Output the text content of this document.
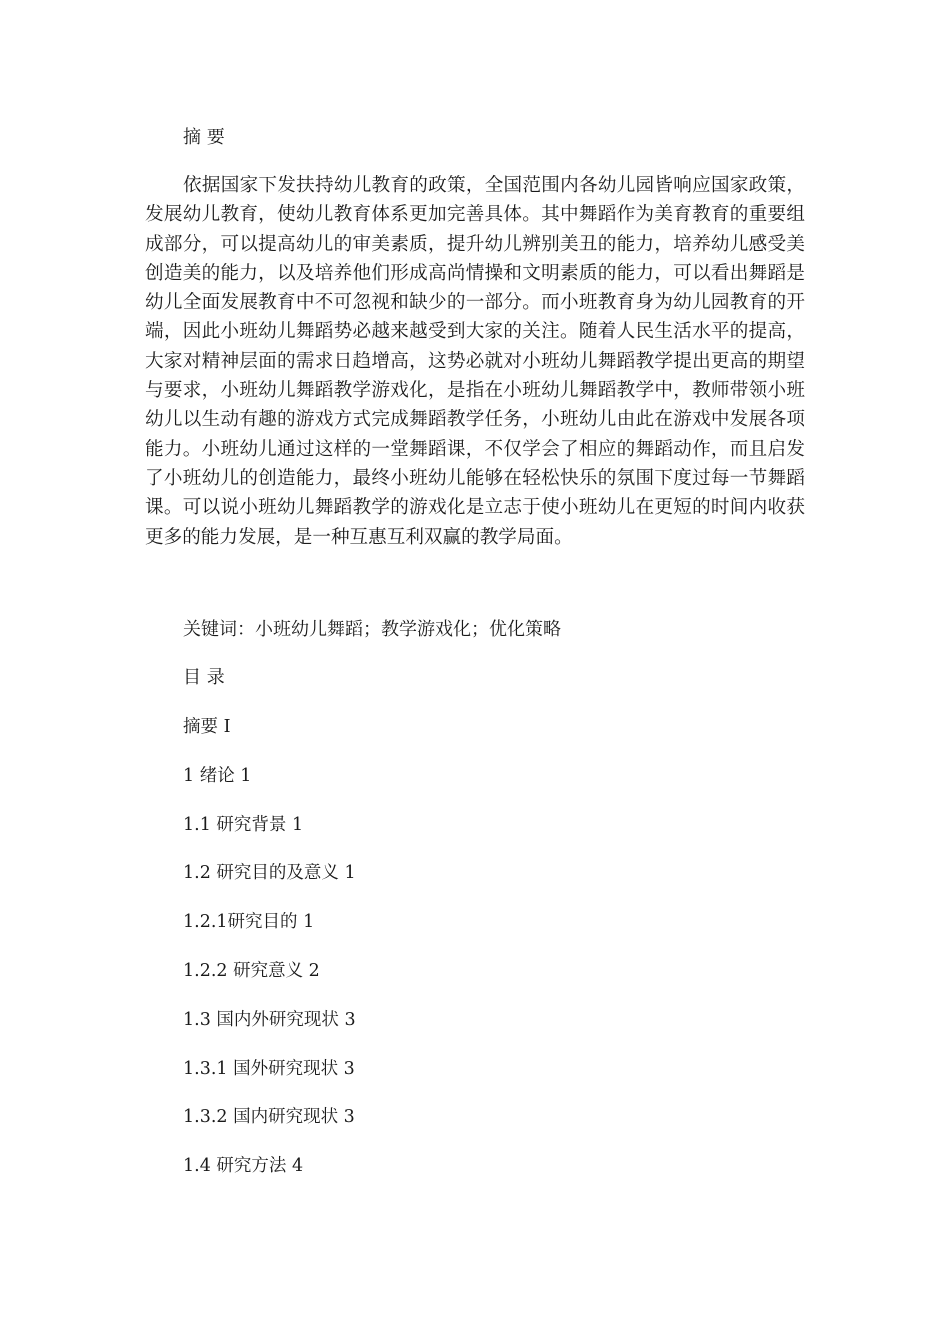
摘 要

依据国家下发扶持幼儿教育的政策，全国范围内各幼儿园皆响应国家政策，发展幼儿教育，使幼儿教育体系更加完善具体。其中舞蹈作为美育教育的重要组成部分，可以提高幼儿的审美素质，提升幼儿辨别美丑的能力，培养幼儿感受美创造美的能力，以及培养他们形成高尚情操和文明素质的能力，可以看出舞蹈是幼儿全面发展教育中不可忽视和缺少的一部分。而小班教育身为幼儿园教育的开端，因此小班幼儿舞蹈势必越来越受到大家的关注。随着人民生活水平的提高，大家对精神层面的需求日趋增高，这势必就对小班幼儿舞蹈教学提出更高的期望与要求，小班幼儿舞蹈教学游戏化，是指在小班幼儿舞蹈教学中，教师带领小班幼儿以生动有趣的游戏方式完成舞蹈教学任务，小班幼儿由此在游戏中发展各项能力。小班幼儿通过这样的一堂舞蹈课，不仅学会了相应的舞蹈动作，而且启发了小班幼儿的创造能力，最终小班幼儿能够在轻松快乐的氛围下度过每一节舞蹈课。可以说小班幼儿舞蹈教学的游戏化是立志于使小班幼儿在更短的时间内收获更多的能力发展，是一种互惠互利双赢的教学局面。

关键词：小班幼儿舞蹈；教学游戏化；优化策略
目 录
摘要 I
1 绪论 1
1.1 研究背景 1
1.2 研究目的及意义 1
1.2.1研究目的 1
1.2.2 研究意义 2
1.3 国内外研究现状 3
1.3.1 国外研究现状 3
1.3.2 国内研究现状 3
1.4 研究方法 4
